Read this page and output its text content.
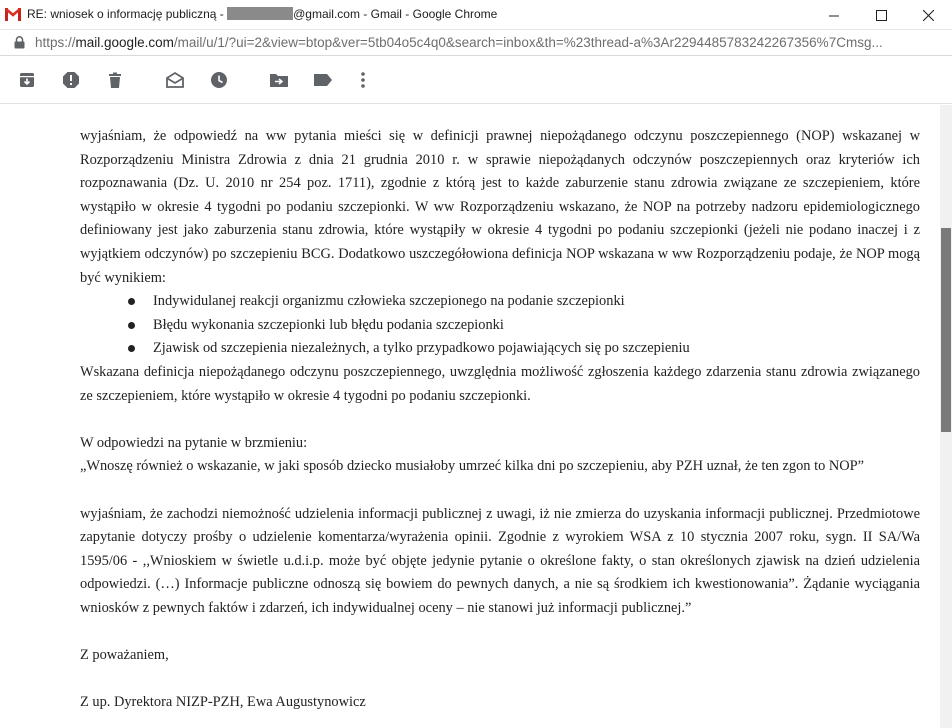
RE: wniosek o informację publiczną -	@gmail.com - Gmail - Google Chrome
https://mail.google.com/mail/u/1/?ui=2&view=btop&ver=5tb04o5c4q0&search=inbox&th=%23thread-a%3Ar2294485783242267356%7Cmsg...

wyjaśniam, że odpowiedź na ww pytania mieści się w definicji prawnej niepożądanego odczynu poszczepiennego (NOP) wskazanej w Rozporządzeniu Ministra Zdrowia z dnia 21 grudnia 2010 r. w sprawie niepożądanych odczynów poszczepiennych oraz kryteriów ich rozpoznawania (Dz. U. 2010 nr 254 poz. 1711), zgodnie z którą jest to każde zaburzenie stanu zdrowia związane ze szczepieniem, które wystąpiło w okresie 4 tygodni po podaniu szczepionki. W ww Rozporządzeniu wskazano, że NOP na potrzeby nadzoru epidemiologicznego definiowany jest jako zaburzenia stanu zdrowia, które wystąpiły w okresie 4 tygodni po podaniu szczepionki (jeżeli nie podano inaczej i z wyjątkiem odczynów) po szczepieniu BCG. Dodatkowo uszczegółowiona definicja NOP wskazana w ww Rozporządzeniu podaje, że NOP mogą być wynikiem:

Indywidulanej reakcji organizmu człowieka szczepionego na podanie szczepionki
Błędu wykonania szczepionki lub błędu podania szczepionki
Zjawisk od szczepienia niezależnych, a tylko przypadkowo pojawiających się po szczepieniu

Wskazana definicja niepożądanego odczynu poszczepiennego, uwzględnia możliwość zgłoszenia każdego zdarzenia stanu zdrowia związanego ze szczepieniem, które wystąpiło w okresie 4 tygodni po podaniu szczepionki.

W odpowiedzi na pytanie w brzmieniu:

„Wnoszę również o wskazanie, w jaki sposób dziecko musiałoby umrzeć kilka dni po szczepieniu, aby PZH uznał, że ten zgon to NOP”

wyjaśniam, że zachodzi niemożność udzielenia informacji publicznej z uwagi, iż nie zmierza do uzyskania informacji publicznej. Przedmiotowe zapytanie dotyczy prośby o udzielenie komentarza/wyrażenia opinii. Zgodnie z wyrokiem WSA z 10 stycznia 2007 roku, sygn. II SA/Wa 1595/06 - ,,Wnioskiem w świetle u.d.i.p. może być objęte jedynie pytanie o określone fakty, o stan określonych zjawisk na dzień udzielenia odpowiedzi. (…) Informacje publiczne odnoszą się bowiem do pewnych danych, a nie są środkiem ich kwestionowania”. Żądanie wyciągania wniosków z pewnych faktów i zdarzeń, ich indywidualnej oceny – nie stanowi już informacji publicznej.”

Z poważaniem,

Z up. Dyrektora NIZP-PZH, Ewa Augustynowicz
